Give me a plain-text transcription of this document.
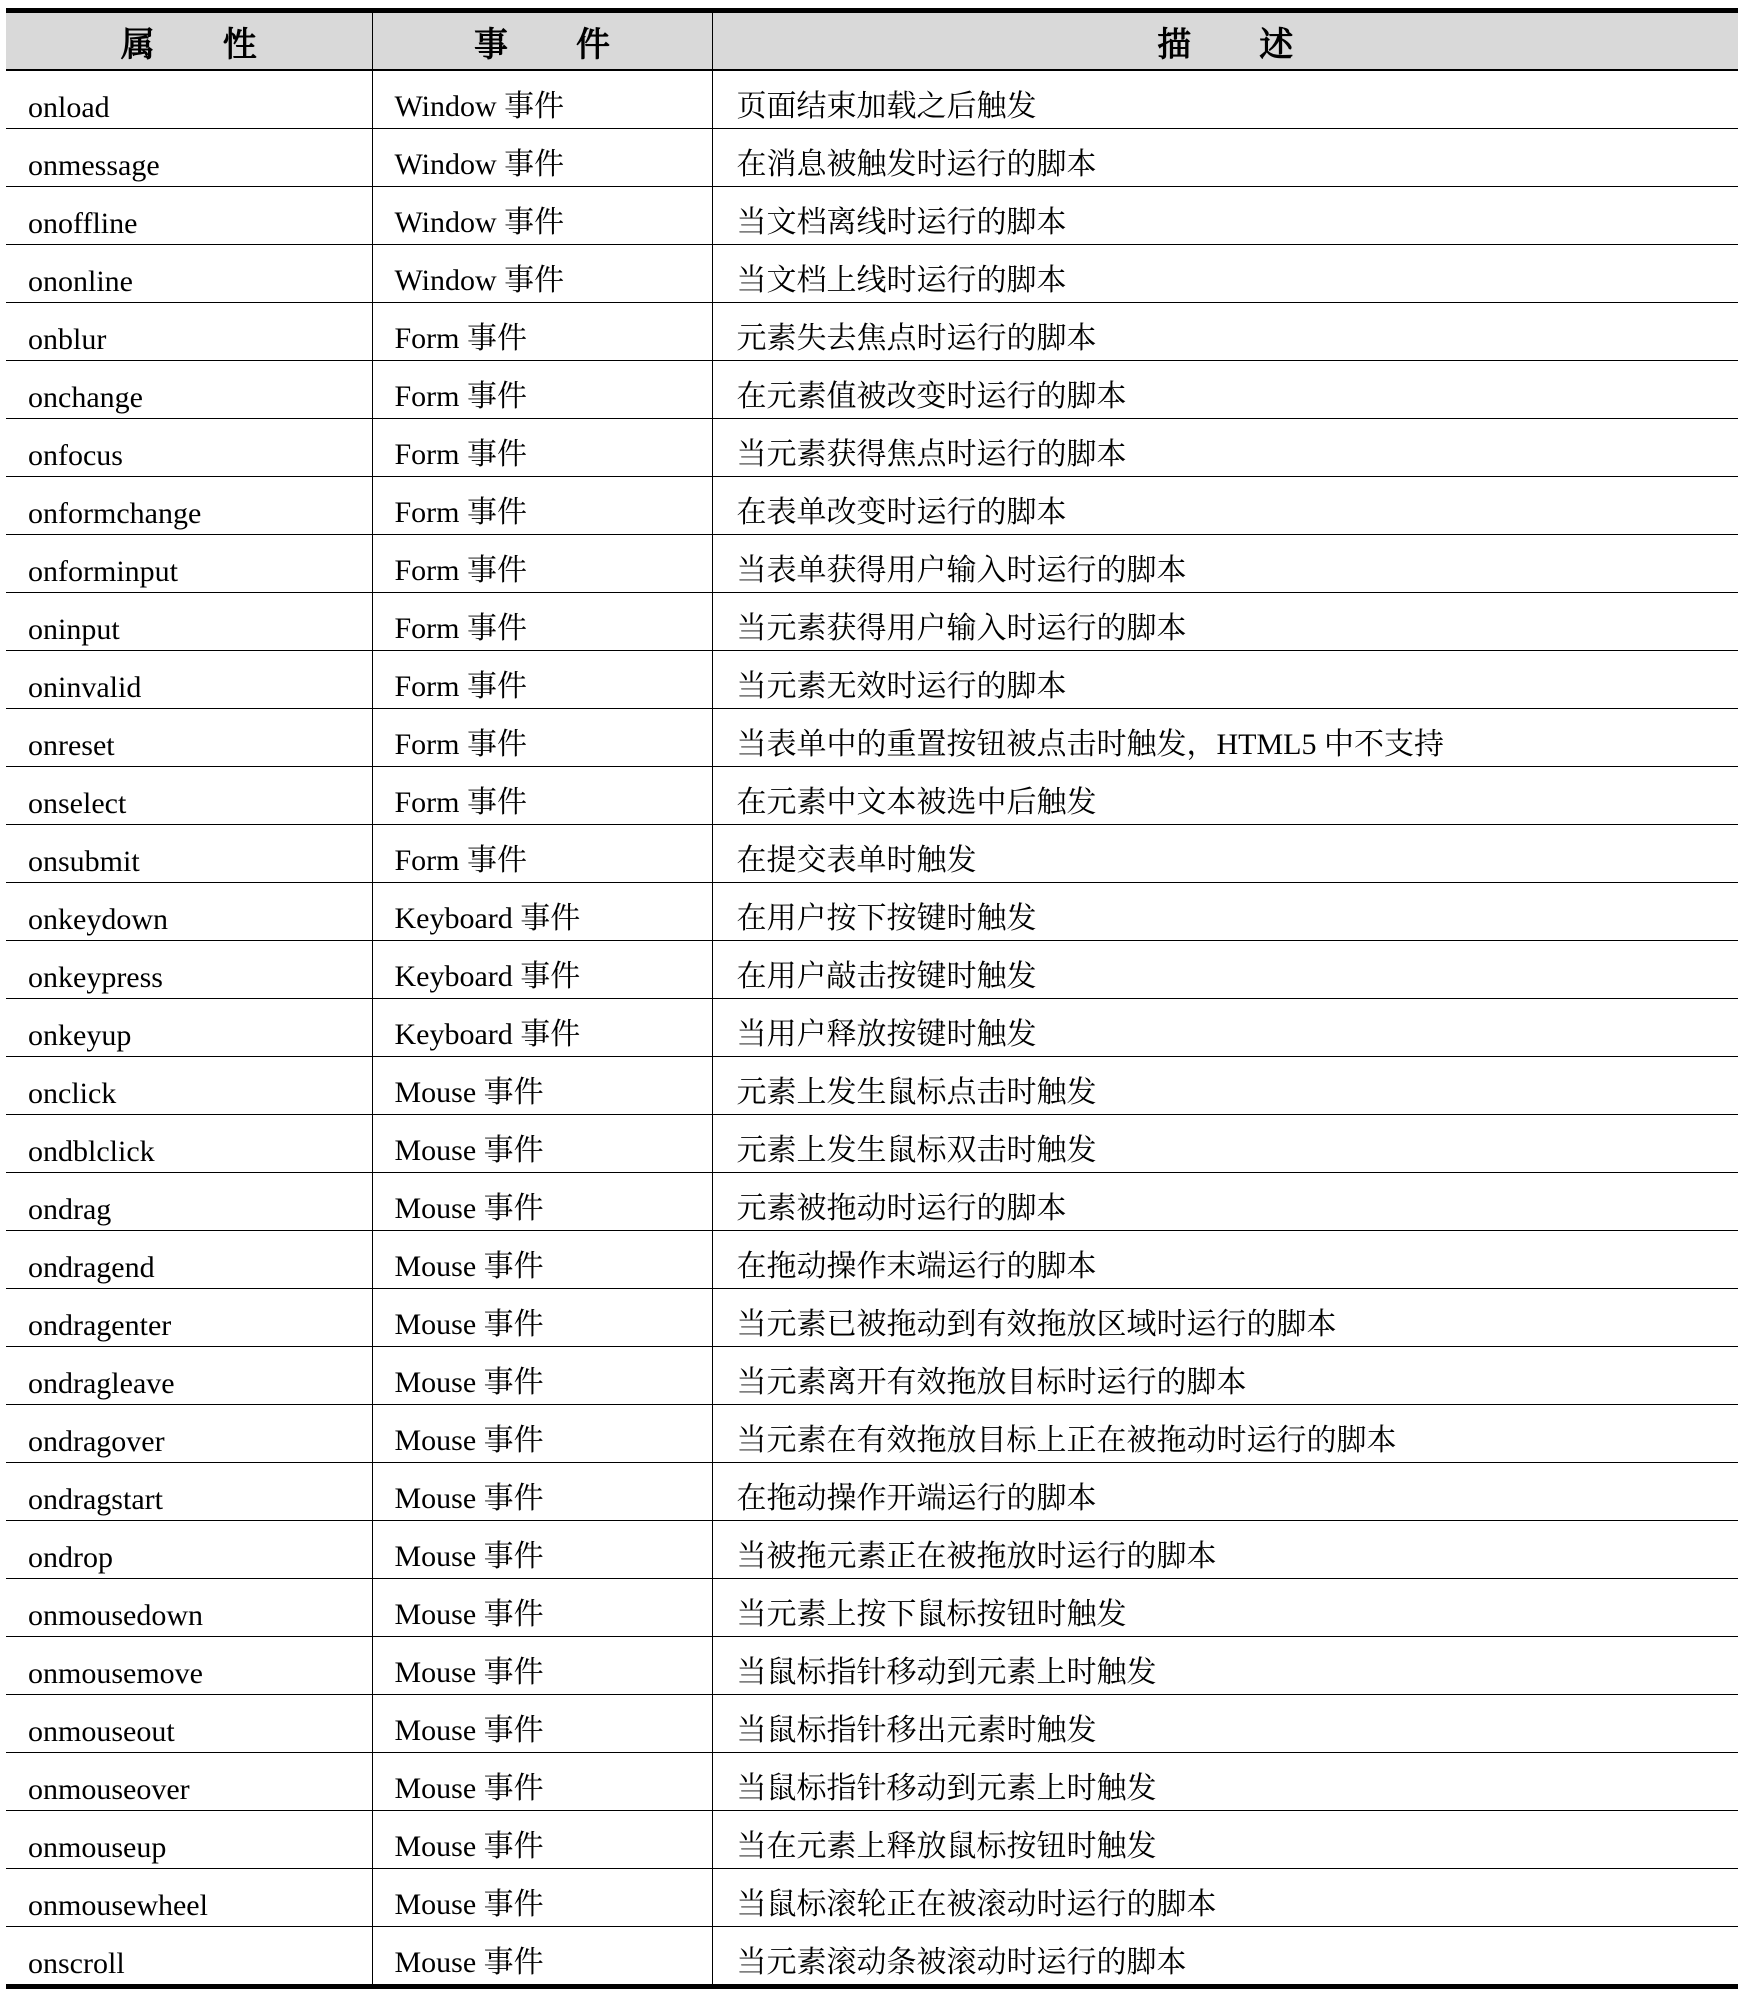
属　　性	事　　件	描　　述
onload	Window 事件	页面结束加载之后触发
onmessage	Window 事件	在消息被触发时运行的脚本
onoffline	Window 事件	当文档离线时运行的脚本
ononline	Window 事件	当文档上线时运行的脚本
onblur	Form 事件	元素失去焦点时运行的脚本
onchange	Form 事件	在元素值被改变时运行的脚本
onfocus	Form 事件	当元素获得焦点时运行的脚本
onformchange	Form 事件	在表单改变时运行的脚本
onforminput	Form 事件	当表单获得用户输入时运行的脚本
oninput	Form 事件	当元素获得用户输入时运行的脚本
oninvalid	Form 事件	当元素无效时运行的脚本
onreset	Form 事件	当表单中的重置按钮被点击时触发，HTML5 中不支持
onselect	Form 事件	在元素中文本被选中后触发
onsubmit	Form 事件	在提交表单时触发
onkeydown	Keyboard 事件	在用户按下按键时触发
onkeypress	Keyboard 事件	在用户敲击按键时触发
onkeyup	Keyboard 事件	当用户释放按键时触发
onclick	Mouse 事件	元素上发生鼠标点击时触发
ondblclick	Mouse 事件	元素上发生鼠标双击时触发
ondrag	Mouse 事件	元素被拖动时运行的脚本
ondragend	Mouse 事件	在拖动操作末端运行的脚本
ondragenter	Mouse 事件	当元素已被拖动到有效拖放区域时运行的脚本
ondragleave	Mouse 事件	当元素离开有效拖放目标时运行的脚本
ondragover	Mouse 事件	当元素在有效拖放目标上正在被拖动时运行的脚本
ondragstart	Mouse 事件	在拖动操作开端运行的脚本
ondrop	Mouse 事件	当被拖元素正在被拖放时运行的脚本
onmousedown	Mouse 事件	当元素上按下鼠标按钮时触发
onmousemove	Mouse 事件	当鼠标指针移动到元素上时触发
onmouseout	Mouse 事件	当鼠标指针移出元素时触发
onmouseover	Mouse 事件	当鼠标指针移动到元素上时触发
onmouseup	Mouse 事件	当在元素上释放鼠标按钮时触发
onmousewheel	Mouse 事件	当鼠标滚轮正在被滚动时运行的脚本
onscroll	Mouse 事件	当元素滚动条被滚动时运行的脚本
